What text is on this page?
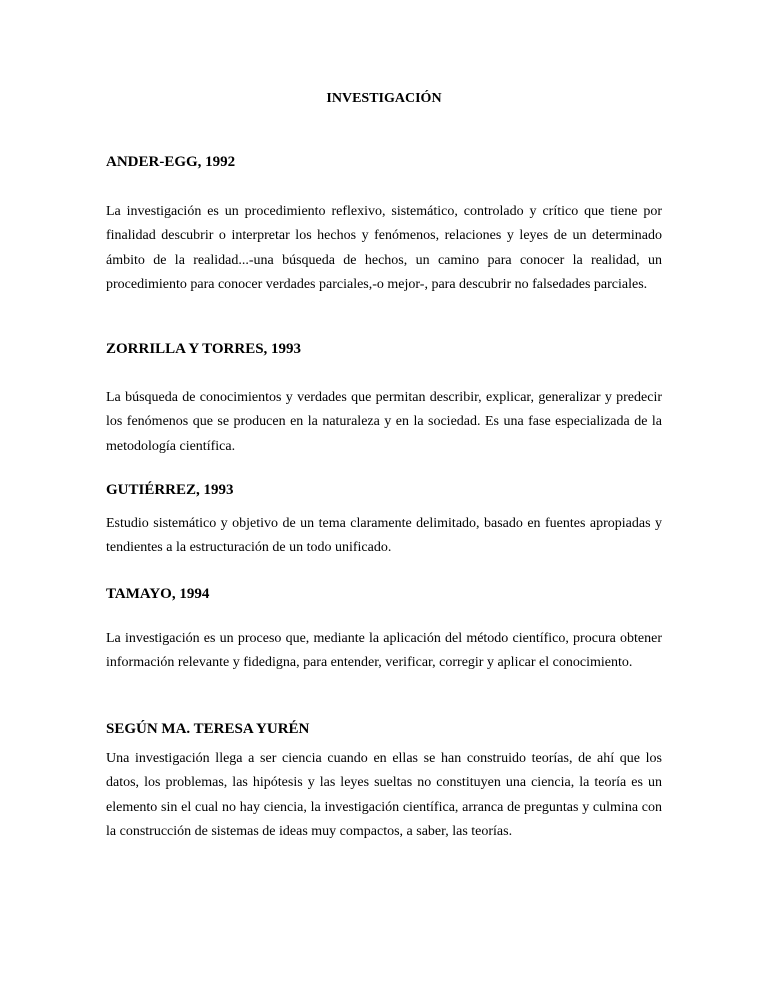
INVESTIGACIÓN
ANDER-EGG, 1992

La investigación es un procedimiento reflexivo, sistemático, controlado y crítico que tiene por finalidad descubrir o interpretar los hechos y fenómenos, relaciones y leyes de un determinado ámbito de la realidad...-una búsqueda de hechos, un camino para conocer la realidad, un procedimiento para conocer verdades parciales,-o mejor-, para descubrir no falsedades parciales.

ZORRILLA Y TORRES, 1993

La búsqueda de conocimientos y verdades que permitan describir, explicar, generalizar y predecir los fenómenos que se producen en la naturaleza y en la sociedad. Es una fase especializada de la metodología científica.

GUTIÉRREZ, 1993

Estudio sistemático y objetivo de un tema claramente delimitado, basado en fuentes apropiadas y tendientes a la estructuración de un todo unificado.

TAMAYO, 1994

La investigación es un proceso que, mediante la aplicación del método científico, procura obtener información relevante y fidedigna, para entender, verificar, corregir y aplicar el conocimiento.

SEGÚN MA. TERESA YURÉN

Una investigación llega a ser ciencia cuando en ellas se han construido teorías, de ahí que los datos, los problemas, las hipótesis y las leyes sueltas no constituyen una ciencia, la teoría es un elemento sin el cual no hay ciencia, la investigación científica, arranca de preguntas y culmina con la construcción de sistemas de ideas muy compactos, a saber, las teorías.
